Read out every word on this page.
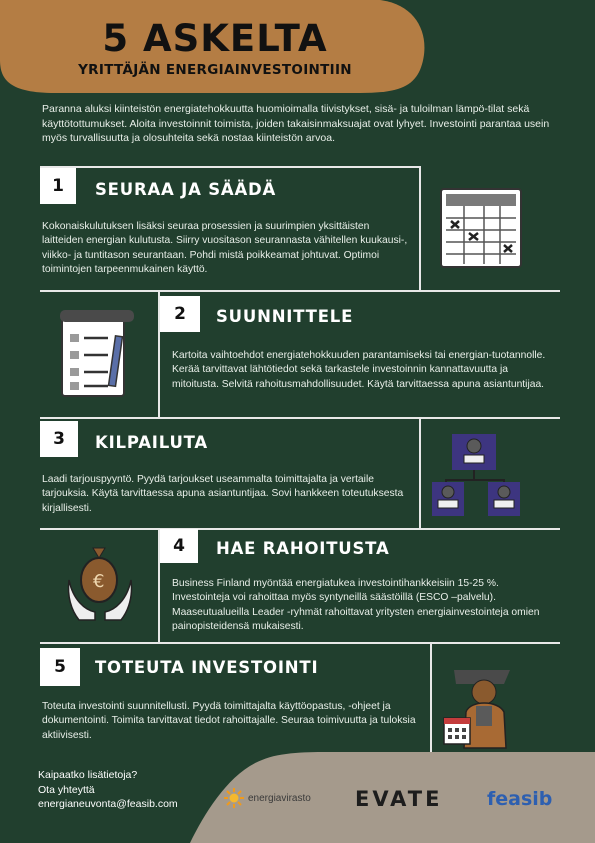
5 ASKELTA
YRITTÄJÄN ENERGIAINVESTOINTIIN
Paranna aluksi kiinteistön energiatehokkuutta huomioimalla tiivistykset, sisä- ja tuloilman lämpö-tilat sekä käyttötottumukset. Aloita investoinnit toimista, joiden takaisinmaksuajat ovat lyhyet. Investointi parantaa usein myös turvallisuutta ja olosuhteita sekä nostaa kiinteistön arvoa.
1	SEURAA JA SÄÄDÄ
Kokonaiskulutuksen lisäksi seuraa prosessien ja suurimpien yksittäisten laitteiden energian kulutusta. Siirry vuositason seurannasta vähitellen kuukausi-, viikko- ja tuntitason seurantaan. Pohdi mistä poikkeamat johtuvat. Optimoi toimintojen tarpeenmukainen käyttö.
2	SUUNNITTELE
Kartoita vaihtoehdot energiatehokkuuden parantamiseksi tai energian-tuotannolle. Kerää tarvittavat lähtötiedot sekä tarkastele investoinnin kannattavuutta ja mitoitusta. Selvitä rahoitusmahdollisuudet. Käytä tarvittaessa apuna asiantuntijaa.
3	KILPAILUTA
Laadi tarjouspyyntö. Pyydä tarjoukset useammalta toimittajalta ja vertaile tarjouksia. Käytä tarvittaessa apuna asiantuntijaa. Sovi hankkeen toteutuksesta kirjallisesti.
4	HAE RAHOITUSTA
Business Finland myöntää energiatukea investointihankkeisiin 15-25 %. Investointeja voi rahoittaa myös syntyneillä säästöillä (ESCO –palvelu). Maaseutualueilla Leader -ryhmät rahoittavat yritysten energiainvestointeja omien painopisteidensä mukaisesti.
€
5	TOTEUTA INVESTOINTI
Toteuta investointi suunnitellusti. Pyydä toimittajalta käyttöopastus, -ohjeet ja dokumentointi. Toimita tarvittavat tiedot rahoittajalle. Seuraa toimivuutta ja tuloksia aktiivisesti.
Kaipaatko lisätietoja?
Ota yhteyttä
energianeuvonta@feasib.com	energiavirasto EVATE feasib
